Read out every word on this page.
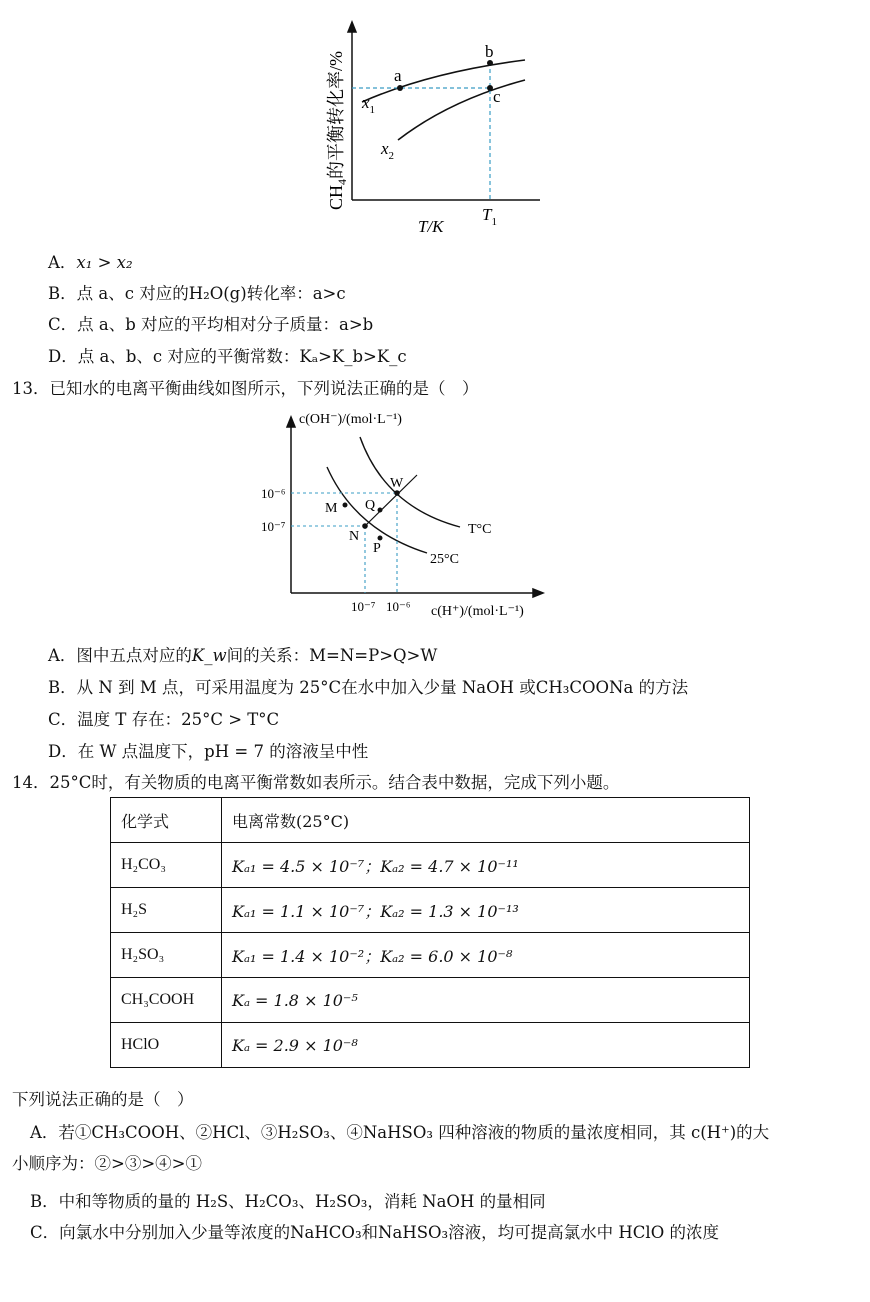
$CH_4$的平衡转化率/%	a
b
c
$x_1$
$x_2$
$T_1$
T/K
A．x₁ > x₂
B．点 a、c 对应的H₂O(g)转化率：a>c
C．点 a、b 对应的平均相对分子质量：a>b
D．点 a、b、c 对应的平衡常数：Kₐ>K_b>K_c
13．已知水的电离平衡曲线如图所示，下列说法正确的是（　）
c(OH⁻)/(mol·L⁻¹)
c(H⁺)/(mol·L⁻¹)
10⁻⁶
10⁻⁷
10⁻⁷ 10⁻⁶
W
Q
M
N
P
T°C
25°C
A．图中五点对应的K_w间的关系：M=N=P>Q>W
B．从 N 到 M 点，可采用温度为 25°C在水中加入少量 NaOH 或CH₃COONa 的方法
C．温度 T 存在：25°C > T°C
D．在 W 点温度下，pH = 7 的溶液呈中性
14．25°C时，有关物质的电离平衡常数如表所示。结合表中数据，完成下列小题。
化学式	电离常数(25°C)
H₂CO₃	Kₐ₁ = 4.5 × 10⁻⁷；Kₐ₂ = 4.7 × 10⁻¹¹
H₂S	Kₐ₁ = 1.1 × 10⁻⁷；Kₐ₂ = 1.3 × 10⁻¹³
H₂SO₃	Kₐ₁ = 1.4 × 10⁻²；Kₐ₂ = 6.0 × 10⁻⁸
CH₃COOH	Kₐ = 1.8 × 10⁻⁵
HClO	Kₐ = 2.9 × 10⁻⁸
下列说法正确的是（　）
A．若①CH₃COOH、②HCl、③H₂SO₃、④NaHSO₃ 四种溶液的物质的量浓度相同，其 c(H⁺)的大
小顺序为：②>③>④>①
B．中和等物质的量的 H₂S、H₂CO₃、H₂SO₃，消耗 NaOH 的量相同
C．向氯水中分别加入少量等浓度的NaHCO₃和NaHSO₃溶液，均可提高氯水中 HClO 的浓度
